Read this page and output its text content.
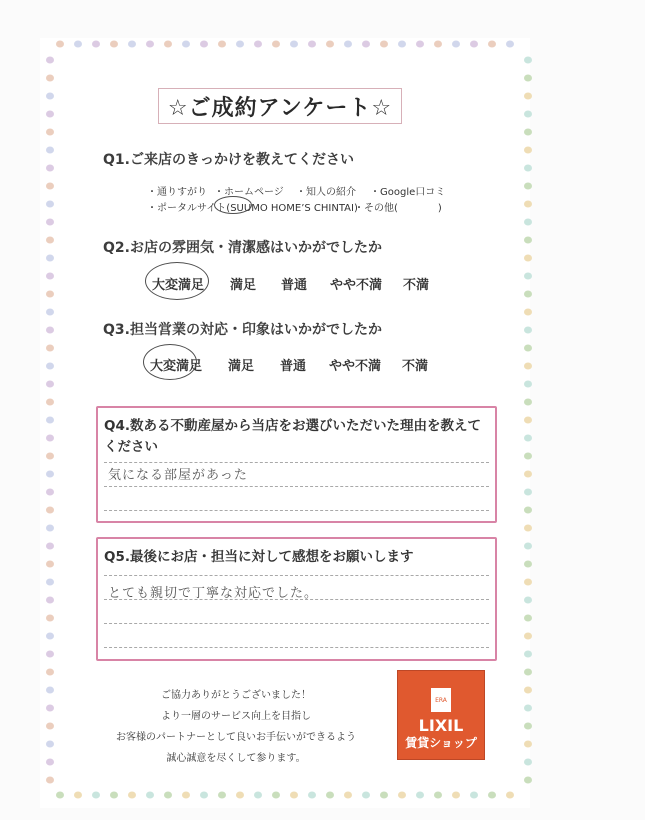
☆ご成約アンケート☆
Q1.ご来店のきっかけを教えてください
・通りすがり ・ホームページ ・知人の紹介 ・Google口コミ
・ポータルサイト(SUUMO HOME’S CHINTAI)
・その他(　　　　)
Q2.お店の雰囲気・清潔感はいかがでしたか
大変満足 満足 普通 やや不満 不満
Q3.担当営業の対応・印象はいかがでしたか
大変満足 満足 普通 やや不満 不満
Q4.数ある不動産屋から当店をお選びいただいた理由を教えて
ください
気になる部屋があった
Q5.最後にお店・担当に対して感想をお願いします
とても親切で丁寧な対応でした。
ご協力ありがとうございました！
より一層のサービス向上を目指し
お客様のパートナーとして良いお手伝いができるよう
誠心誠意を尽くして参ります。
ERA
LIXIL
賃貸ショップ
